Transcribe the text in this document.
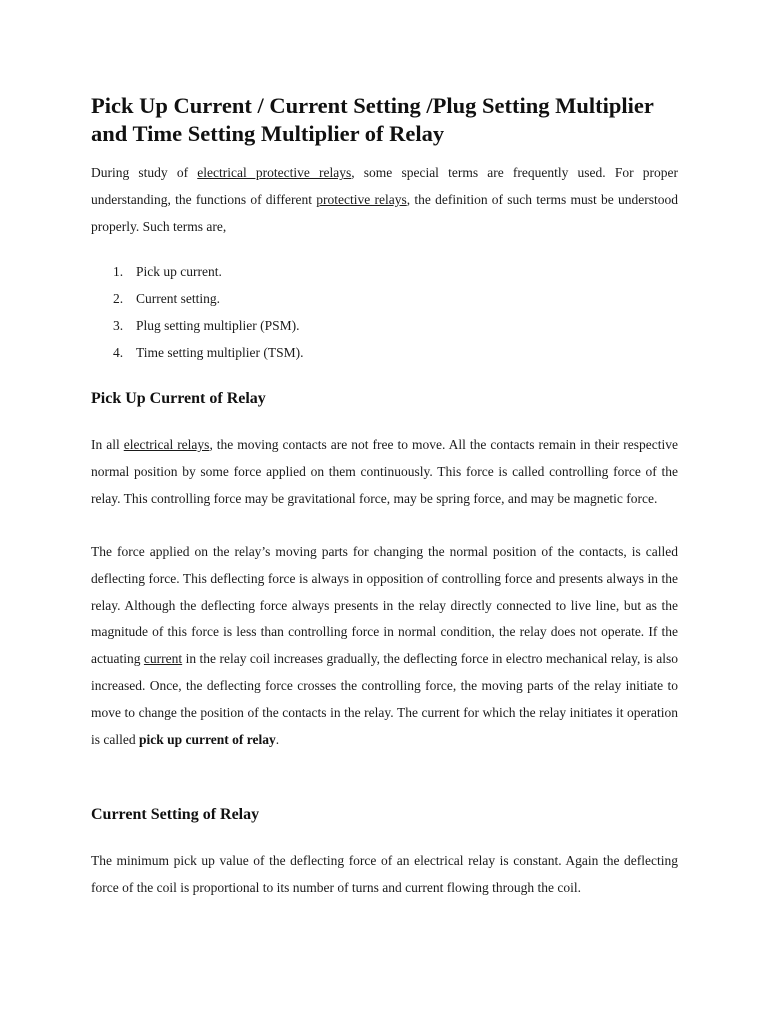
Pick Up Current / Current Setting /Plug Setting Multiplier and Time Setting Multiplier of Relay

During study of electrical protective relays, some special terms are frequently used. For proper understanding, the functions of different protective relays, the definition of such terms must be understood properly. Such terms are,

1. Pick up current.
2. Current setting.
3. Plug setting multiplier (PSM).
4. Time setting multiplier (TSM).
Pick Up Current of Relay

In all electrical relays, the moving contacts are not free to move. All the contacts remain in their respective normal position by some force applied on them continuously. This force is called controlling force of the relay. This controlling force may be gravitational force, may be spring force, and may be magnetic force.

The force applied on the relay’s moving parts for changing the normal position of the contacts, is called deflecting force. This deflecting force is always in opposition of controlling force and presents always in the relay. Although the deflecting force always presents in the relay directly connected to live line, but as the magnitude of this force is less than controlling force in normal condition, the relay does not operate. If the actuating current in the relay coil increases gradually, the deflecting force in electro mechanical relay, is also increased. Once, the deflecting force crosses the controlling force, the moving parts of the relay initiate to move to change the position of the contacts in the relay. The current for which the relay initiates it operation is called pick up current of relay.

Current Setting of Relay

The minimum pick up value of the deflecting force of an electrical relay is constant. Again the deflecting force of the coil is proportional to its number of turns and current flowing through the coil.
